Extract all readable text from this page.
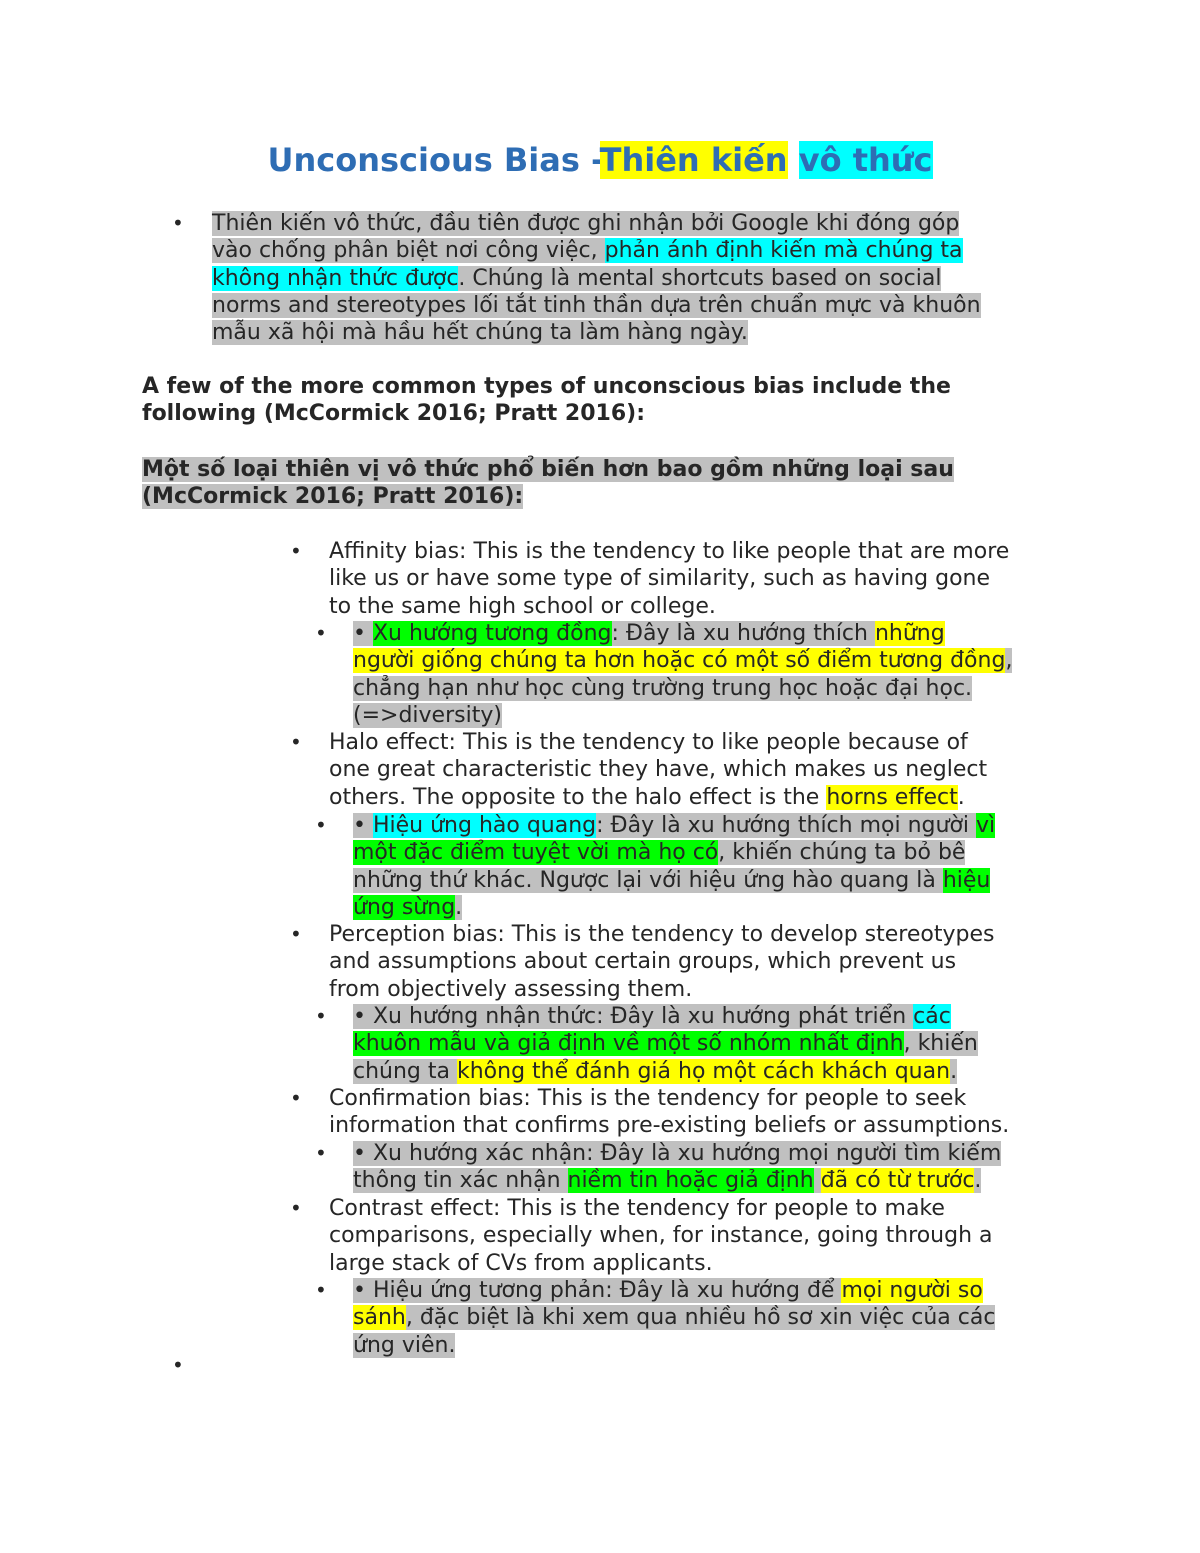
Unconscious Bias -Thiên kiến vô thức
• Thiên kiến vô thức, đầu tiên được ghi nhận bởi Google khi đóng góp
vào chống phân biệt nơi công việc, phản ánh định kiến mà chúng ta
không nhận thức được. Chúng là mental shortcuts based on social
norms and stereotypes lối tắt tinh thần dựa trên chuẩn mực và khuôn
mẫu xã hội mà hầu hết chúng ta làm hàng ngày.
A few of the more common types of unconscious bias include the
following (McCormick 2016; Pratt 2016):
Một số loại thiên vị vô thức phổ biến hơn bao gồm những loại sau
(McCormick 2016; Pratt 2016):
• Affinity bias: This is the tendency to like people that are more
like us or have some type of similarity, such as having gone
to the same high school or college.
• • Xu hướng tương đồng: Đây là xu hướng thích những
người giống chúng ta hơn hoặc có một số điểm tương đồng,
chẳng hạn như học cùng trường trung học hoặc đại học.
(=>diversity)
• Halo effect: This is the tendency to like people because of
one great characteristic they have, which makes us neglect
others. The opposite to the halo effect is the horns effect.
• • Hiệu ứng hào quang: Đây là xu hướng thích mọi người vì
một đặc điểm tuyệt vời mà họ có, khiến chúng ta bỏ bê
những thứ khác. Ngược lại với hiệu ứng hào quang là hiệu
ứng sừng.
• Perception bias: This is the tendency to develop stereotypes
and assumptions about certain groups, which prevent us
from objectively assessing them.
• • Xu hướng nhận thức: Đây là xu hướng phát triển các
khuôn mẫu và giả định về một số nhóm nhất định, khiến
chúng ta không thể đánh giá họ một cách khách quan.
• Confirmation bias: This is the tendency for people to seek
information that confirms pre-existing beliefs or assumptions.
• • Xu hướng xác nhận: Đây là xu hướng mọi người tìm kiếm
thông tin xác nhận niềm tin hoặc giả định đã có từ trước.
• Contrast effect: This is the tendency for people to make
comparisons, especially when, for instance, going through a
large stack of CVs from applicants.
• • Hiệu ứng tương phản: Đây là xu hướng để mọi người so
sánh, đặc biệt là khi xem qua nhiều hồ sơ xin việc của các
ứng viên.
•
